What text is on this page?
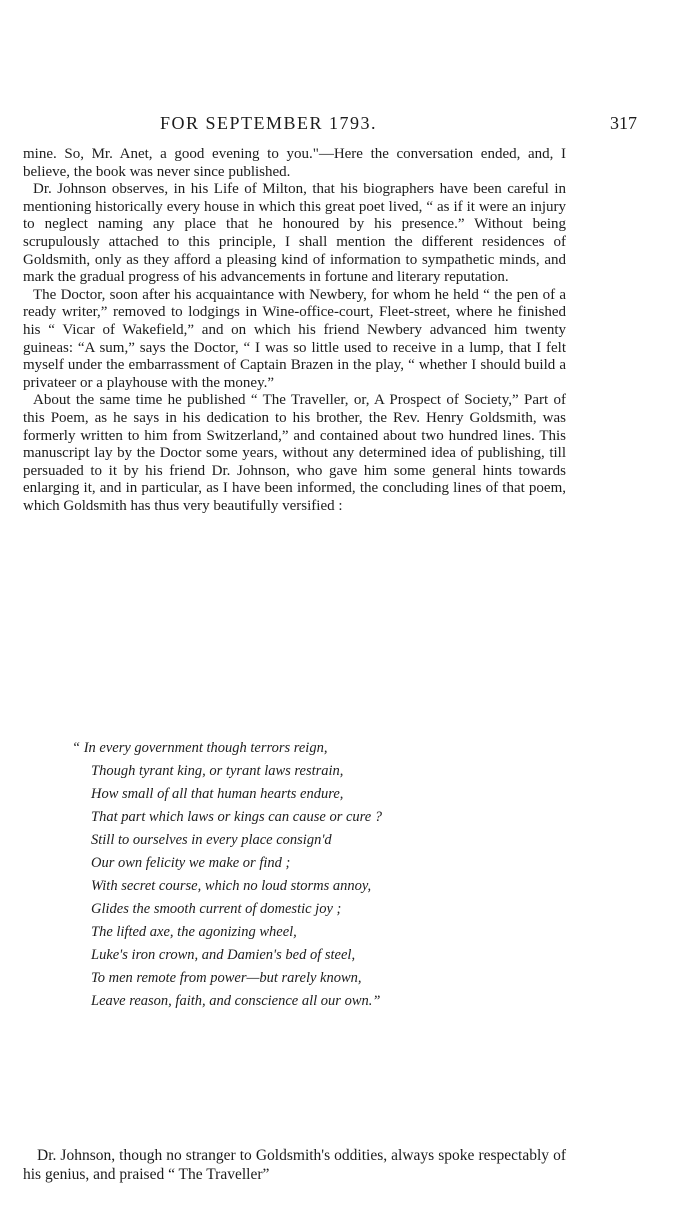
FOR SEPTEMBER 1793.	317

mine. So, Mr. Anet, a good evening to you."—Here the conversation ended, and, I believe, the book was never since published.

Dr. Johnson observes, in his Life of Milton, that his biographers have been careful in mentioning historically every house in which this great poet lived, “ as if it were an injury to neglect naming any place that he honoured by his presence.” Without being scrupulously attached to this principle, I shall mention the different residences of Goldsmith, only as they afford a pleasing kind of information to sympathetic minds, and mark the gradual progress of his advancements in fortune and literary reputation.

The Doctor, soon after his acquaintance with Newbery, for whom he held “ the pen of a ready writer,” removed to lodgings in Wine-office-court, Fleet-street, where he finished his “ Vicar of Wakefield,” and on which his friend Newbery advanced him twenty guineas: “A sum,” says the Doctor, “ I was so little used to receive in a lump, that I felt myself under the embarrassment of Captain Brazen in the play, “ whether I should build a privateer or a playhouse with the money.”

About the same time he published “ The Traveller, or, A Prospect of Society,” Part of this Poem, as he says in his dedication to his brother, the Rev. Henry Goldsmith, was formerly written to him from Switzerland,” and contained about two hundred lines. This manuscript lay by the Doctor some years, without any determined idea of publishing, till persuaded to it by his friend Dr. Johnson, who gave him some general hints towards enlarging it, and in particular, as I have been informed, the concluding lines of that poem, which Goldsmith has thus very beautifully versified :

“ In every government though terrors reign,
Though tyrant king, or tyrant laws restrain,
How small of all that human hearts endure,
That part which laws or kings can cause or cure ?
Still to ourselves in every place consign'd
Our own felicity we make or find ;
With secret course, which no loud storms annoy,
Glides the smooth current of domestic joy ;
The lifted axe, the agonizing wheel,
Luke's iron crown, and Damien's bed of steel,
To men remote from power—but rarely known,
Leave reason, faith, and conscience all our own.”

Dr. Johnson, though no stranger to Goldsmith's oddities, always spoke respectably of his genius, and praised “ The Traveller”
